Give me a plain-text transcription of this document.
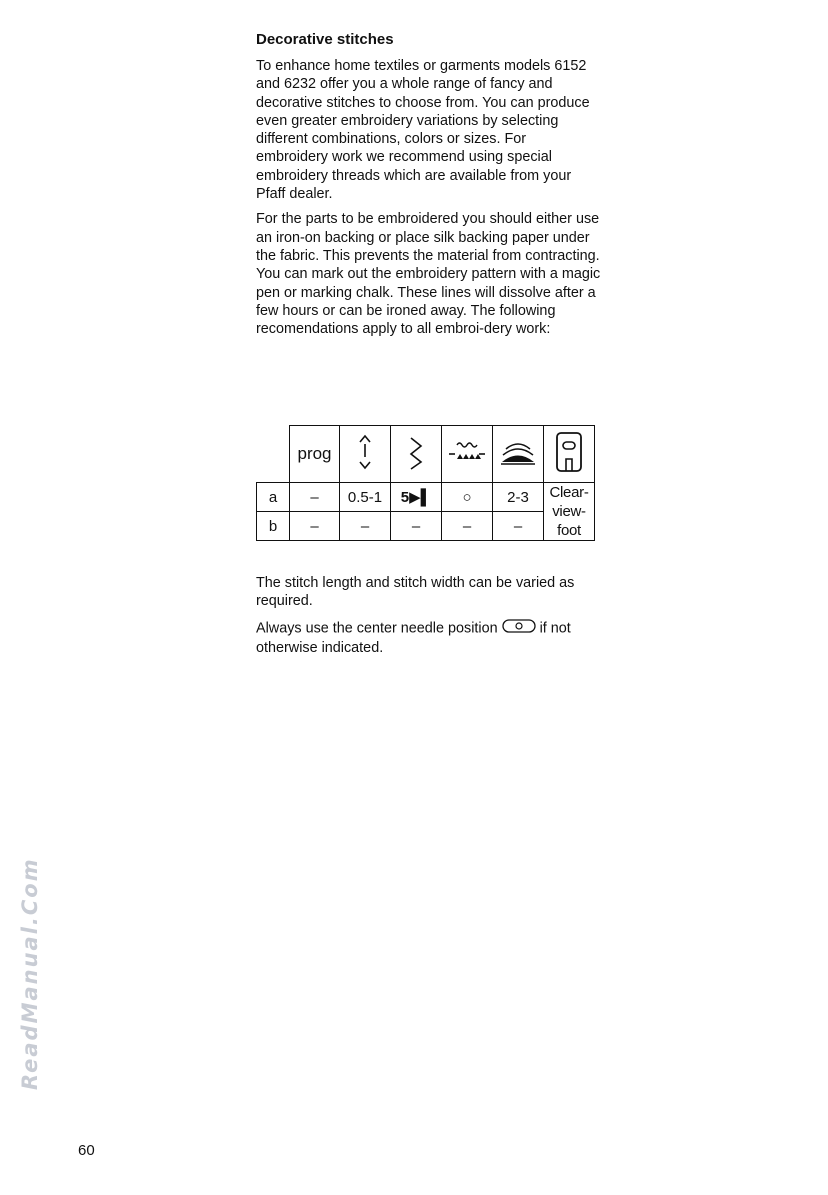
Decorative stitches
To enhance home textiles or garments models 6152 and 6232 offer you a whole range of fancy and decorative stitches to choose from. You can produce even greater embroidery variations by selecting different combinations, colors or sizes. For embroidery work we recommend using special embroidery threads which are available from your Pfaff dealer.
For the parts to be embroidered you should either use an iron-on backing or place silk backing paper under the fabric. This prevents the material from contracting. You can mark out the embroidery pattern with a magic pen or marking chalk. These lines will dissolve after a few hours or can be ironed away. The following recomendations apply to all embroi-dery work:
	prog					
a	–	0.5-1	5▶▌	○	2-3	Clear-
view-
foot

b	–	–	–	–	–	
The stitch length and stitch width can be varied as required.
Always use the center needle position	if not otherwise indicated.
ReadManual.Com
60
